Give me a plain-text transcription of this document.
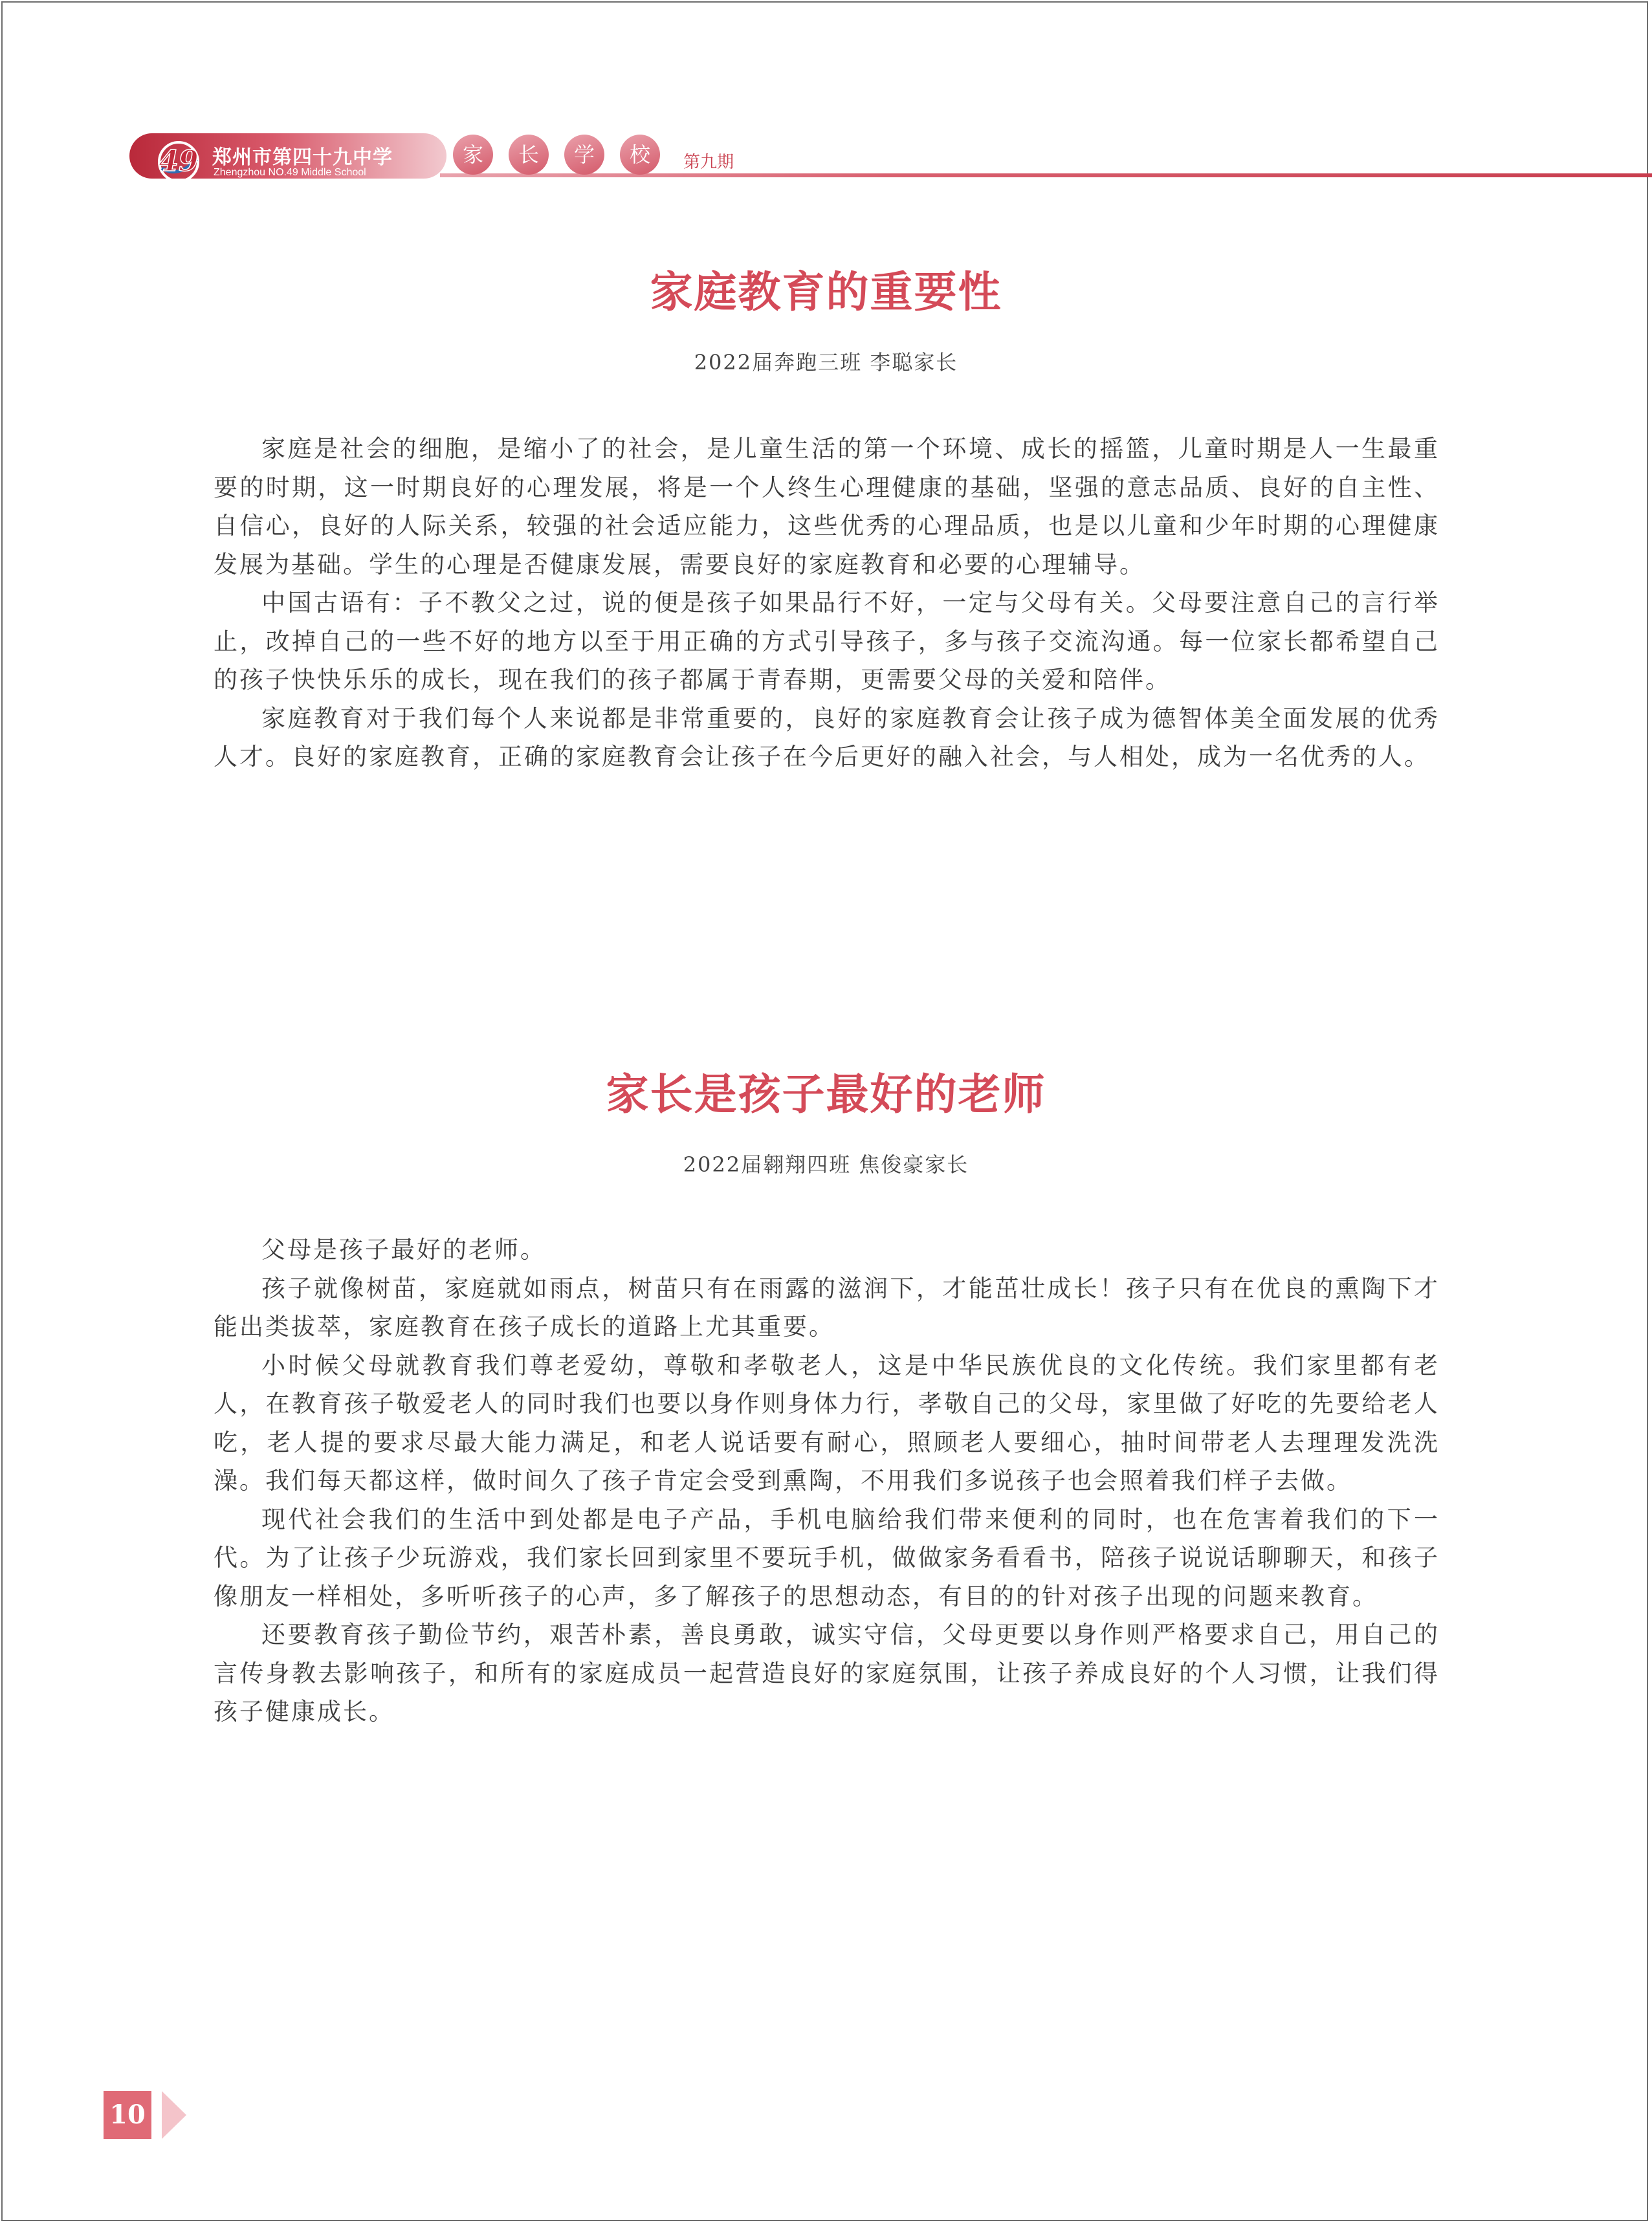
49 郑州市第四十九中学
Zhengzhou NO.49 Middle School
家	长	学	校	第九期
家庭教育的重要性
2022届奔跑三班 李聪家长

家庭是社会的细胞，是缩小了的社会，是儿童生活的第一个环境、成长的摇篮，儿童时期是人一生最重要的时期，这一时期良好的心理发展，将是一个人终生心理健康的基础，坚强的意志品质、良好的自主性、自信心，良好的人际关系，较强的社会适应能力，这些优秀的心理品质，也是以儿童和少年时期的心理健康发展为基础。学生的心理是否健康发展，需要良好的家庭教育和必要的心理辅导。

中国古语有：子不教父之过，说的便是孩子如果品行不好，一定与父母有关。父母要注意自己的言行举止，改掉自己的一些不好的地方以至于用正确的方式引导孩子，多与孩子交流沟通。每一位家长都希望自己的孩子快快乐乐的成长，现在我们的孩子都属于青春期，更需要父母的关爱和陪伴。

家庭教育对于我们每个人来说都是非常重要的，良好的家庭教育会让孩子成为德智体美全面发展的优秀人才。良好的家庭教育，正确的家庭教育会让孩子在今后更好的融入社会，与人相处，成为一名优秀的人。

家长是孩子最好的老师
2022届翱翔四班 焦俊豪家长

父母是孩子最好的老师。

孩子就像树苗，家庭就如雨点，树苗只有在雨露的滋润下，才能茁壮成长！孩子只有在优良的熏陶下才能出类拔萃，家庭教育在孩子成长的道路上尤其重要。

小时候父母就教育我们尊老爱幼，尊敬和孝敬老人，这是中华民族优良的文化传统。我们家里都有老人，在教育孩子敬爱老人的同时我们也要以身作则身体力行，孝敬自己的父母，家里做了好吃的先要给老人吃，老人提的要求尽最大能力满足，和老人说话要有耐心，照顾老人要细心，抽时间带老人去理理发洗洗澡。我们每天都这样，做时间久了孩子肯定会受到熏陶，不用我们多说孩子也会照着我们样子去做。

现代社会我们的生活中到处都是电子产品，手机电脑给我们带来便利的同时，也在危害着我们的下一代。为了让孩子少玩游戏，我们家长回到家里不要玩手机，做做家务看看书，陪孩子说说话聊聊天，和孩子像朋友一样相处，多听听孩子的心声，多了解孩子的思想动态，有目的的针对孩子出现的问题来教育。

还要教育孩子勤俭节约，艰苦朴素，善良勇敢，诚实守信，父母更要以身作则严格要求自己，用自己的言传身教去影响孩子，和所有的家庭成员一起营造良好的家庭氛围，让孩子养成良好的个人习惯，让我们得孩子健康成长。

10
